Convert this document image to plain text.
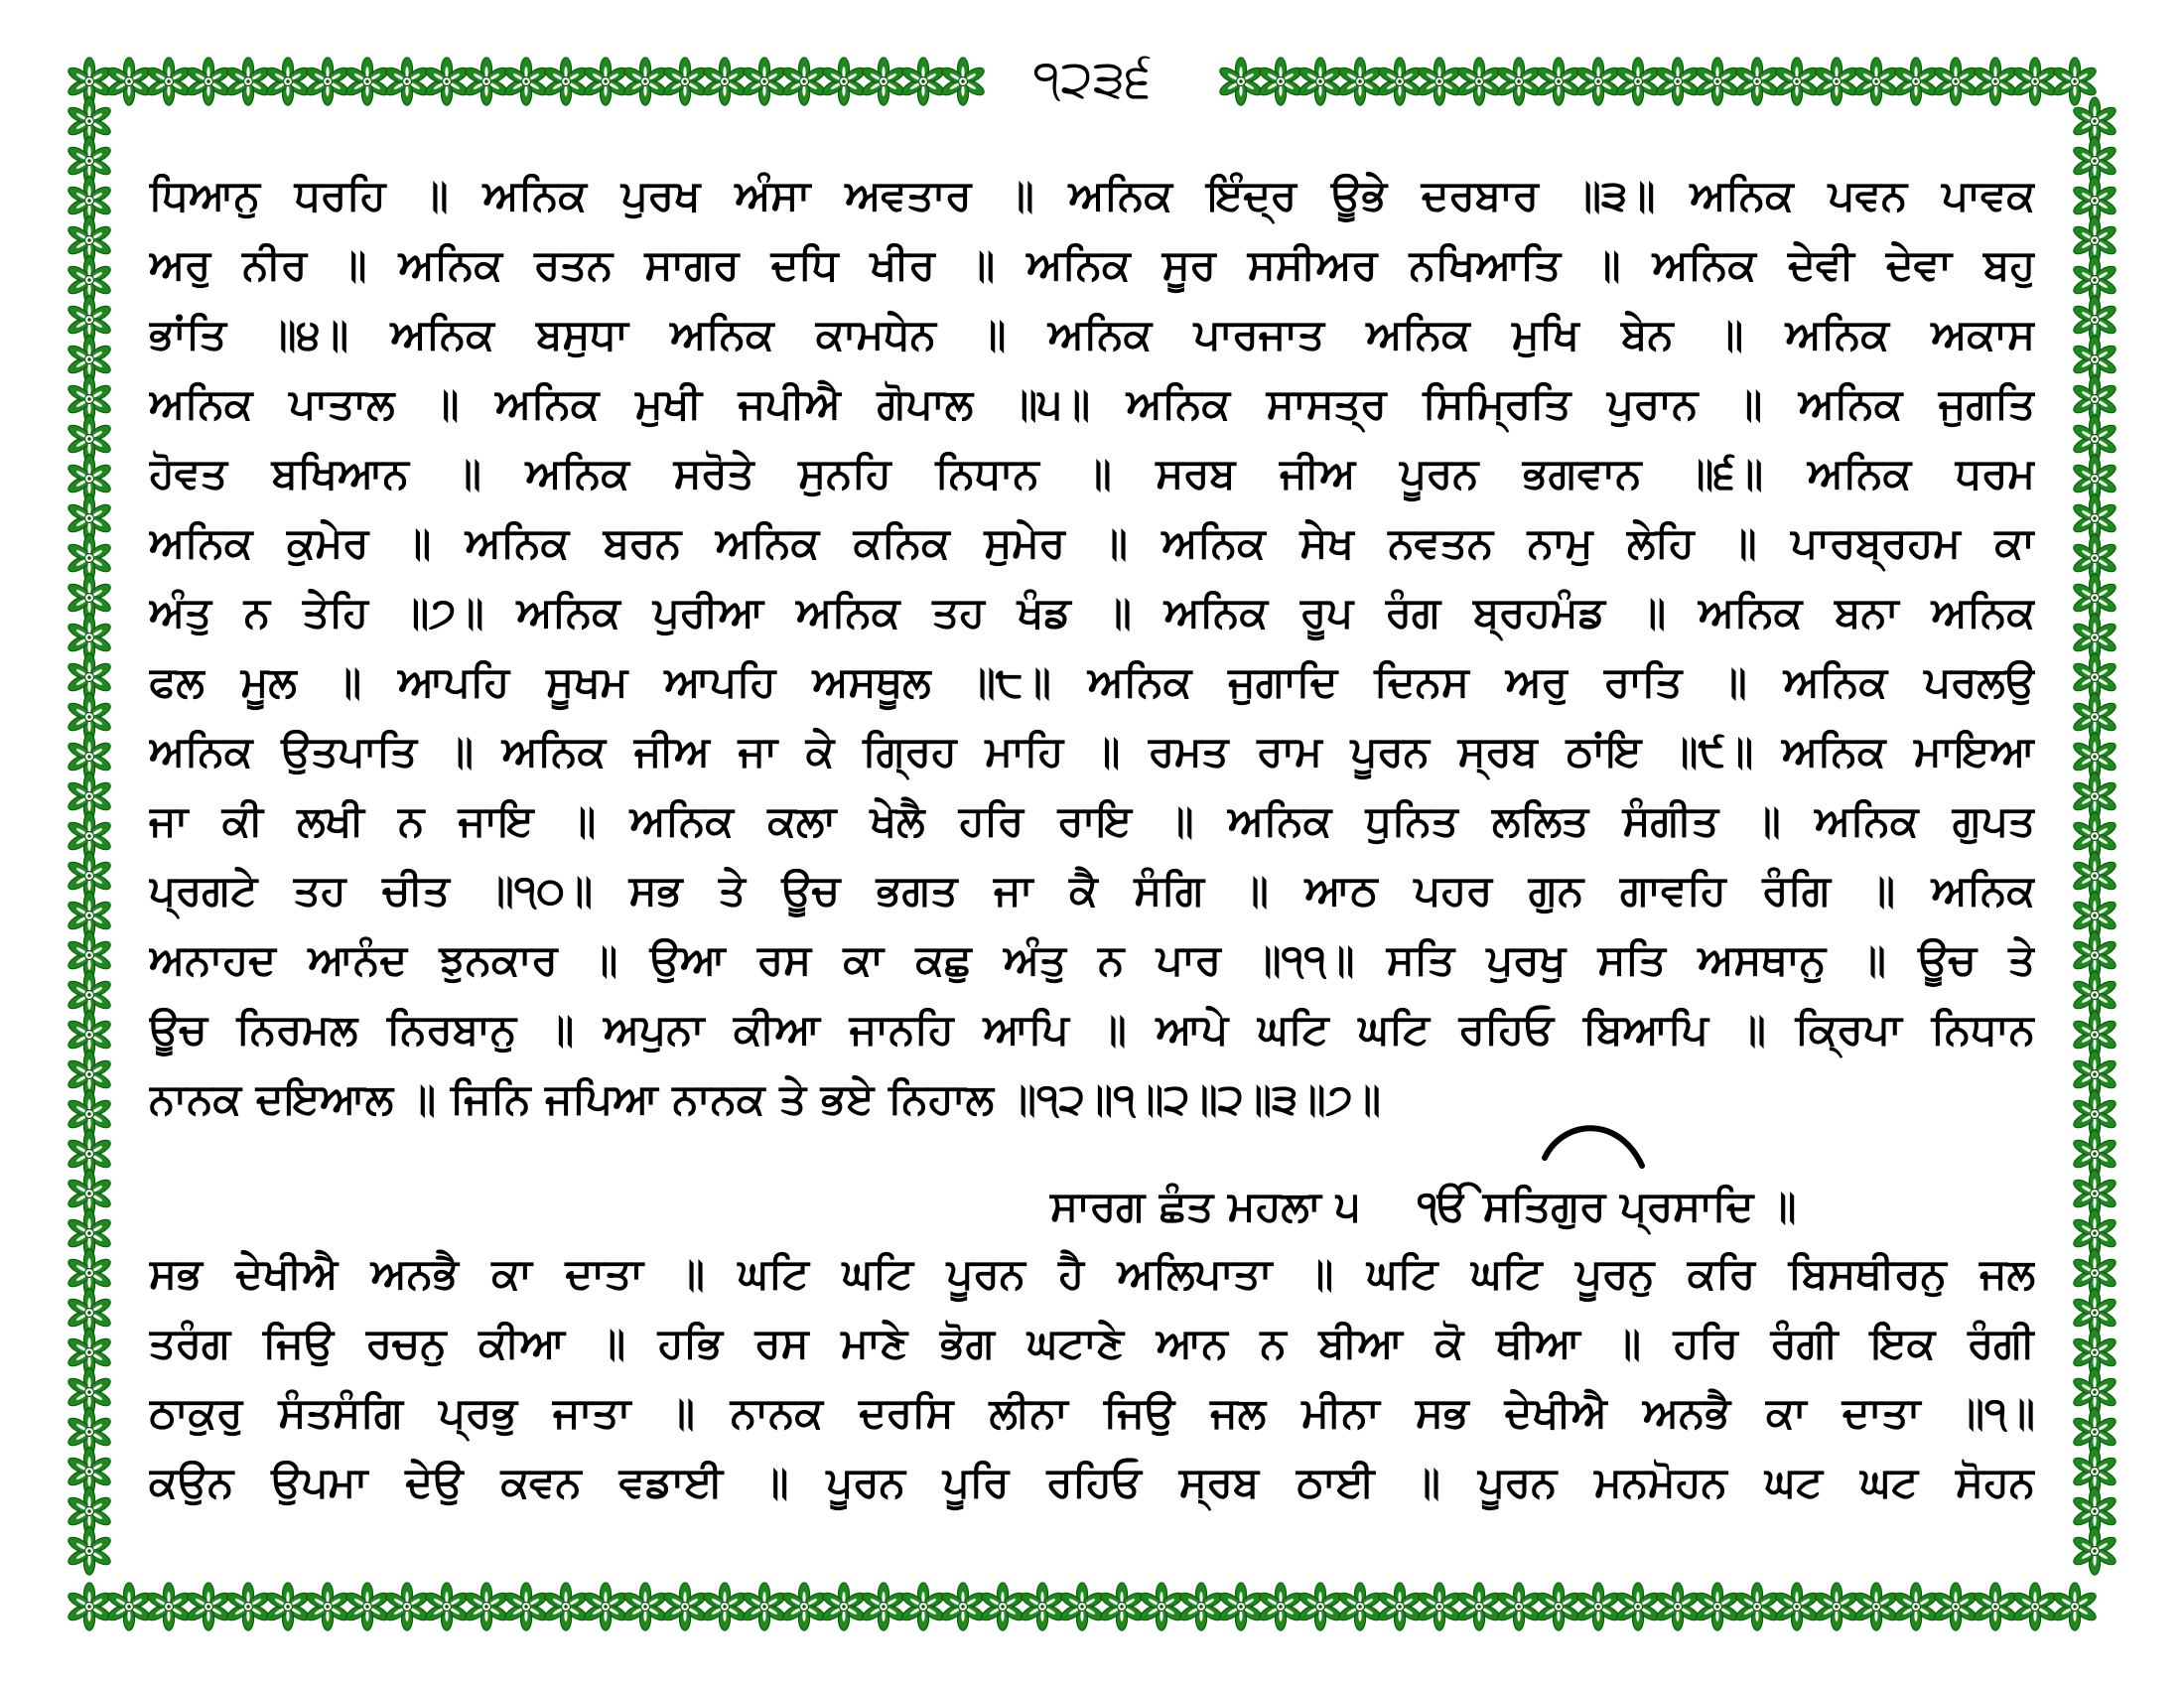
੧੨੩੬
ਧਿਆਨੁ ਧਰਹਿ ॥ ਅਨਿਕ ਪੁਰਖ ਅੰਸਾ ਅਵਤਾਰ ॥ ਅਨਿਕ ਇੰਦ੍ਰ ਊਭੇ ਦਰਬਾਰ ॥੩॥ ਅਨਿਕ ਪਵਨ ਪਾਵਕ
ਅਰੁ ਨੀਰ ॥ ਅਨਿਕ ਰਤਨ ਸਾਗਰ ਦਧਿ ਖੀਰ ॥ ਅਨਿਕ ਸੂਰ ਸਸੀਅਰ ਨਖਿਆਤਿ ॥ ਅਨਿਕ ਦੇਵੀ ਦੇਵਾ ਬਹੁ
ਭਾਂਤਿ ॥੪॥ ਅਨਿਕ ਬਸੁਧਾ ਅਨਿਕ ਕਾਮਧੇਨ ॥ ਅਨਿਕ ਪਾਰਜਾਤ ਅਨਿਕ ਮੁਖਿ ਬੇਨ ॥ ਅਨਿਕ ਅਕਾਸ
ਅਨਿਕ ਪਾਤਾਲ ॥ ਅਨਿਕ ਮੁਖੀ ਜਪੀਐ ਗੋਪਾਲ ॥੫॥ ਅਨਿਕ ਸਾਸਤ੍ਰ ਸਿਮ੍ਰਿਤਿ ਪੁਰਾਨ ॥ ਅਨਿਕ ਜੁਗਤਿ
ਹੋਵਤ ਬਖਿਆਨ ॥ ਅਨਿਕ ਸਰੋਤੇ ਸੁਨਹਿ ਨਿਧਾਨ ॥ ਸਰਬ ਜੀਅ ਪੂਰਨ ਭਗਵਾਨ ॥੬॥ ਅਨਿਕ ਧਰਮ
ਅਨਿਕ ਕੁਮੇਰ ॥ ਅਨਿਕ ਬਰਨ ਅਨਿਕ ਕਨਿਕ ਸੁਮੇਰ ॥ ਅਨਿਕ ਸੇਖ ਨਵਤਨ ਨਾਮੁ ਲੇਹਿ ॥ ਪਾਰਬ੍ਰਹਮ ਕਾ
ਅੰਤੁ ਨ ਤੇਹਿ ॥੭॥ ਅਨਿਕ ਪੁਰੀਆ ਅਨਿਕ ਤਹ ਖੰਡ ॥ ਅਨਿਕ ਰੂਪ ਰੰਗ ਬ੍ਰਹਮੰਡ ॥ ਅਨਿਕ ਬਨਾ ਅਨਿਕ
ਫਲ ਮੂਲ ॥ ਆਪਹਿ ਸੂਖਮ ਆਪਹਿ ਅਸਥੂਲ ॥੮॥ ਅਨਿਕ ਜੁਗਾਦਿ ਦਿਨਸ ਅਰੁ ਰਾਤਿ ॥ ਅਨਿਕ ਪਰਲਉ
ਅਨਿਕ ਉਤਪਾਤਿ ॥ ਅਨਿਕ ਜੀਅ ਜਾ ਕੇ ਗ੍ਰਿਹ ਮਾਹਿ ॥ ਰਮਤ ਰਾਮ ਪੂਰਨ ਸ੍ਰਬ ਠਾਂਇ ॥੯॥ ਅਨਿਕ ਮਾਇਆ
ਜਾ ਕੀ ਲਖੀ ਨ ਜਾਇ ॥ ਅਨਿਕ ਕਲਾ ਖੇਲੈ ਹਰਿ ਰਾਇ ॥ ਅਨਿਕ ਧੁਨਿਤ ਲਲਿਤ ਸੰਗੀਤ ॥ ਅਨਿਕ ਗੁਪਤ
ਪ੍ਰਗਟੇ ਤਹ ਚੀਤ ॥੧੦॥ ਸਭ ਤੇ ਊਚ ਭਗਤ ਜਾ ਕੈ ਸੰਗਿ ॥ ਆਠ ਪਹਰ ਗੁਨ ਗਾਵਹਿ ਰੰਗਿ ॥ ਅਨਿਕ
ਅਨਾਹਦ ਆਨੰਦ ਝੁਨਕਾਰ ॥ ਉਆ ਰਸ ਕਾ ਕਛੁ ਅੰਤੁ ਨ ਪਾਰ ॥੧੧॥ ਸਤਿ ਪੁਰਖੁ ਸਤਿ ਅਸਥਾਨੁ ॥ ਊਚ ਤੇ
ਊਚ ਨਿਰਮਲ ਨਿਰਬਾਨੁ ॥ ਅਪੁਨਾ ਕੀਆ ਜਾਨਹਿ ਆਪਿ ॥ ਆਪੇ ਘਟਿ ਘਟਿ ਰਹਿਓ ਬਿਆਪਿ ॥ ਕ੍ਰਿਪਾ ਨਿਧਾਨ
ਨਾਨਕ ਦਇਆਲ ॥ ਜਿਨਿ ਜਪਿਆ ਨਾਨਕ ਤੇ ਭਏ ਨਿਹਾਲ ॥੧੨॥੧॥੨॥੨॥੩॥੭॥
ਸਾਰਗ ਛੰਤ ਮਹਲਾ ੫ ੴ ਸਤਿਗੁਰ ਪ੍ਰਸਾਦਿ ॥
ਸਭ ਦੇਖੀਐ ਅਨਭੈ ਕਾ ਦਾਤਾ ॥ ਘਟਿ ਘਟਿ ਪੂਰਨ ਹੈ ਅਲਿਪਾਤਾ ॥ ਘਟਿ ਘਟਿ ਪੂਰਨੁ ਕਰਿ ਬਿਸਥੀਰਨੁ ਜਲ
ਤਰੰਗ ਜਿਉ ਰਚਨੁ ਕੀਆ ॥ ਹਭਿ ਰਸ ਮਾਣੇ ਭੋਗ ਘਟਾਣੇ ਆਨ ਨ ਬੀਆ ਕੋ ਥੀਆ ॥ ਹਰਿ ਰੰਗੀ ਇਕ ਰੰਗੀ
ਠਾਕੁਰੁ ਸੰਤਸੰਗਿ ਪ੍ਰਭੁ ਜਾਤਾ ॥ ਨਾਨਕ ਦਰਸਿ ਲੀਨਾ ਜਿਉ ਜਲ ਮੀਨਾ ਸਭ ਦੇਖੀਐ ਅਨਭੈ ਕਾ ਦਾਤਾ ॥੧॥
ਕਉਨ ਉਪਮਾ ਦੇਉ ਕਵਨ ਵਡਾਈ ॥ ਪੂਰਨ ਪੂਰਿ ਰਹਿਓ ਸ੍ਰਬ ਠਾਈ ॥ ਪੂਰਨ ਮਨਮੋਹਨ ਘਟ ਘਟ ਸੋਹਨ
